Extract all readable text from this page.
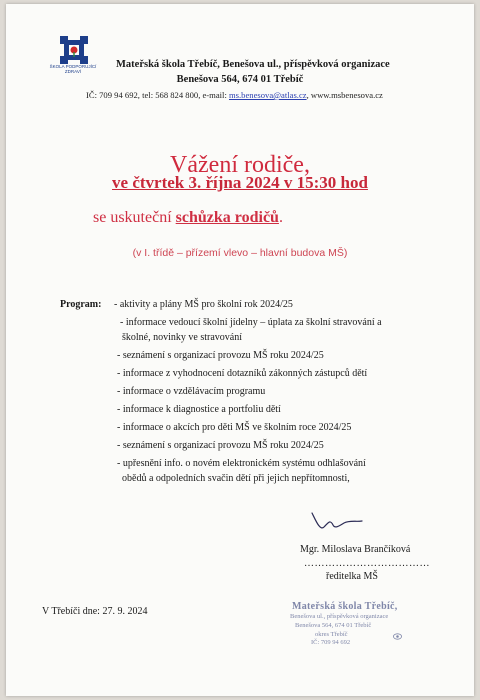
ŠKOLA PODPORUJÍCÍ ZDRAVÍ
Mateřská škola Třebíč, Benešova ul., příspěvková organizace
Benešova 564, 674 01 Třebíč
IČ: 709 94 692, tel: 568 824 800, e-mail: ms.benesova@atlas.cz, www.msbenesova.cz
Vážení rodiče,
ve čtvrtek 3. října 2024 v 15:30 hod
se uskuteční schůzka rodičů.
(v I. třídě – přízemí vlevo – hlavní budova MŠ)
Program: - aktivity a plány MŠ pro školní rok 2024/25
- informace vedoucí školní jídelny – úplata za školní stravování a
školné, novinky ve stravování
- seznámení s organizací provozu MŠ roku 2024/25
- informace z vyhodnocení dotazníků zákonných zástupců dětí
- informace o vzdělávacím programu
- informace k diagnostice a portfoliu dětí
- informace o akcích pro děti MŠ ve školním roce 2024/25
- seznámení s organizací provozu MŠ roku 2024/25
- upřesnění info. o novém elektronickém systému odhlašování
obědů a odpoledních svačin dětí při jejich nepřítomnosti,
Mgr. Miloslava Brančíková
………………………………
ředitelka MŠ
V Třebíči dne: 27. 9. 2024	Mateřská škola Třebíč,
Benešova ul., příspěvková organizace
Benešova 564, 674 01 Třebíč
okres Třebíč
IČ: 709 94 692
